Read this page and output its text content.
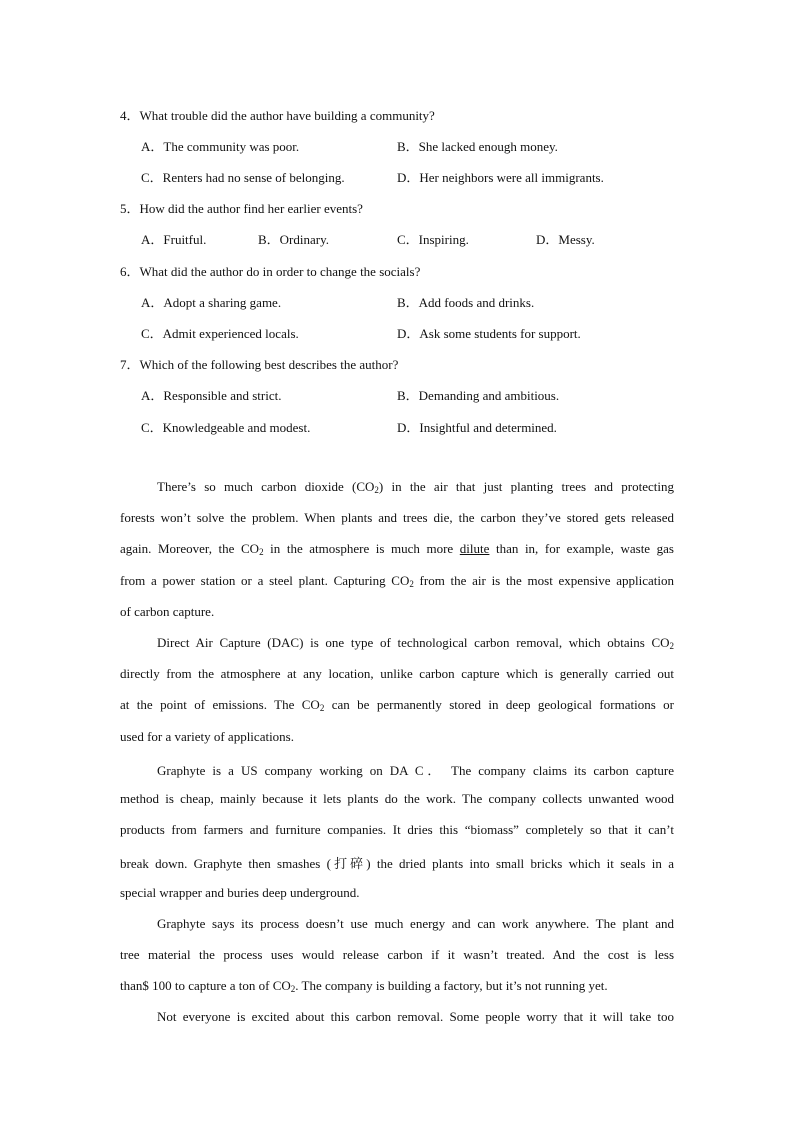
4．What trouble did the author have building a community?
A．The community was poor.	B．She lacked enough money.
C．Renters had no sense of belonging.	D．Her neighbors were all immigrants.
5．How did the author find her earlier events?
A．Fruitful.	B．Ordinary.	C．Inspiring.	D．Messy.
6．What did the author do in order to change the socials?
A．Adopt a sharing game.	B．Add foods and drinks.
C．Admit experienced locals.	D．Ask some students for support.
7．Which of the following best describes the author?
A．Responsible and strict.	B．Demanding and ambitious.
C．Knowledgeable and modest.	D．Insightful and determined.
There’s so much carbon dioxide $(CO_2)$ in the air that just planting trees and protecting
forests won’t solve the problem. When plants and trees die, the carbon they’ve stored gets released
again. Moreover, the $CO_2$ in the atmosphere is much more dilute than in, for example, waste gas
from a power station or a steel plant. Capturing $CO_2$ from the air is the most expensive application
of carbon capture.
Direct Air Capture (DAC) is one type of technological carbon removal, which obtains $CO_2$
directly from the atmosphere at any location, unlike carbon capture which is generally carried out
at the point of emissions. The $CO_2$ can be permanently stored in deep geological formations or
used for a variety of applications.
Graphyte is a US company working on DA C． The company claims its carbon capture
method is cheap, mainly because it lets plants do the work. The company collects unwanted wood
products from farmers and furniture companies. It dries this “biomass” completely so that it can’t
break down. Graphyte then smashes (打碎) the dried plants into small bricks which it seals in a
special wrapper and buries deep underground.
Graphyte says its process doesn’t use much energy and can work anywhere. The plant and
tree material the process uses would release carbon if it wasn’t treated. And the cost is less
than$ 100 to capture a ton of $CO_2$. The company is building a factory, but it’s not running yet.
Not everyone is excited about this carbon removal. Some people worry that it will take too
